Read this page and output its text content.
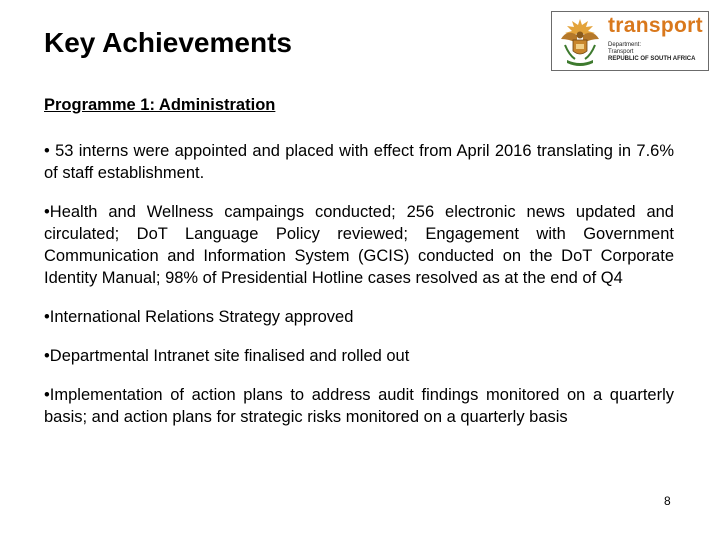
Key Achievements
transport
Department:
Transport
REPUBLIC OF SOUTH AFRICA
Programme 1: Administration
• 53 interns were appointed and placed with effect from April 2016 translating in 7.6% of staff establishment.
•Health and Wellness campaings conducted; 256 electronic news updated and circulated; DoT Language Policy reviewed; Engagement with Government Communication and Information System (GCIS) conducted on the DoT Corporate Identity Manual; 98% of Presidential Hotline cases resolved as at the end of Q4
•International Relations Strategy approved
•Departmental Intranet site finalised and rolled out
•Implementation of action plans to address audit findings monitored on a quarterly basis; and action plans for strategic risks monitored on a quarterly basis
8
